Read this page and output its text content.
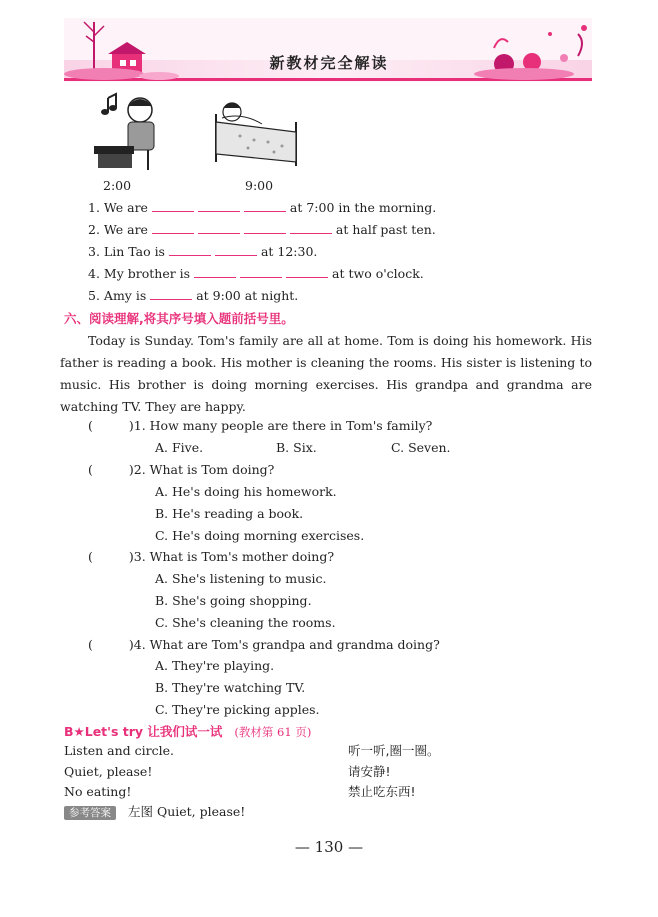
新教材完全解读
2:00	9:00
1. We are	at 7:00 in the morning.
2. We are	at half past ten.
3. Lin Tao is	at 12:30.
4. My brother is	at two o'clock.
5. Amy is	at 9:00 at night.
六、阅读理解,将其序号填入题前括号里。
Today is Sunday. Tom's family are all at home. Tom is doing his homework. His father is reading a book. His mother is cleaning the rooms. His sister is listening to music. His brother is doing morning exercises. His grandpa and grandma are watching TV. They are happy.
(	)1. How many people are there in Tom's family?
A. Five.	B. Six.	C. Seven.
(	)2. What is Tom doing?
A. He's doing his homework.
B. He's reading a book.
C. He's doing morning exercises.
(	)3. What is Tom's mother doing?
A. She's listening to music.
B. She's going shopping.
C. She's cleaning the rooms.
(	)4. What are Tom's grandpa and grandma doing?
A. They're playing.
B. They're watching TV.
C. They're picking apples.
B★Let's try 让我们试一试 (教材第 61 页)
Listen and circle.	听一听,圈一圈。
Quiet, please!	请安静!
No eating!	禁止吃东西!
参考答案 左图 Quiet, please!
— 130 —
